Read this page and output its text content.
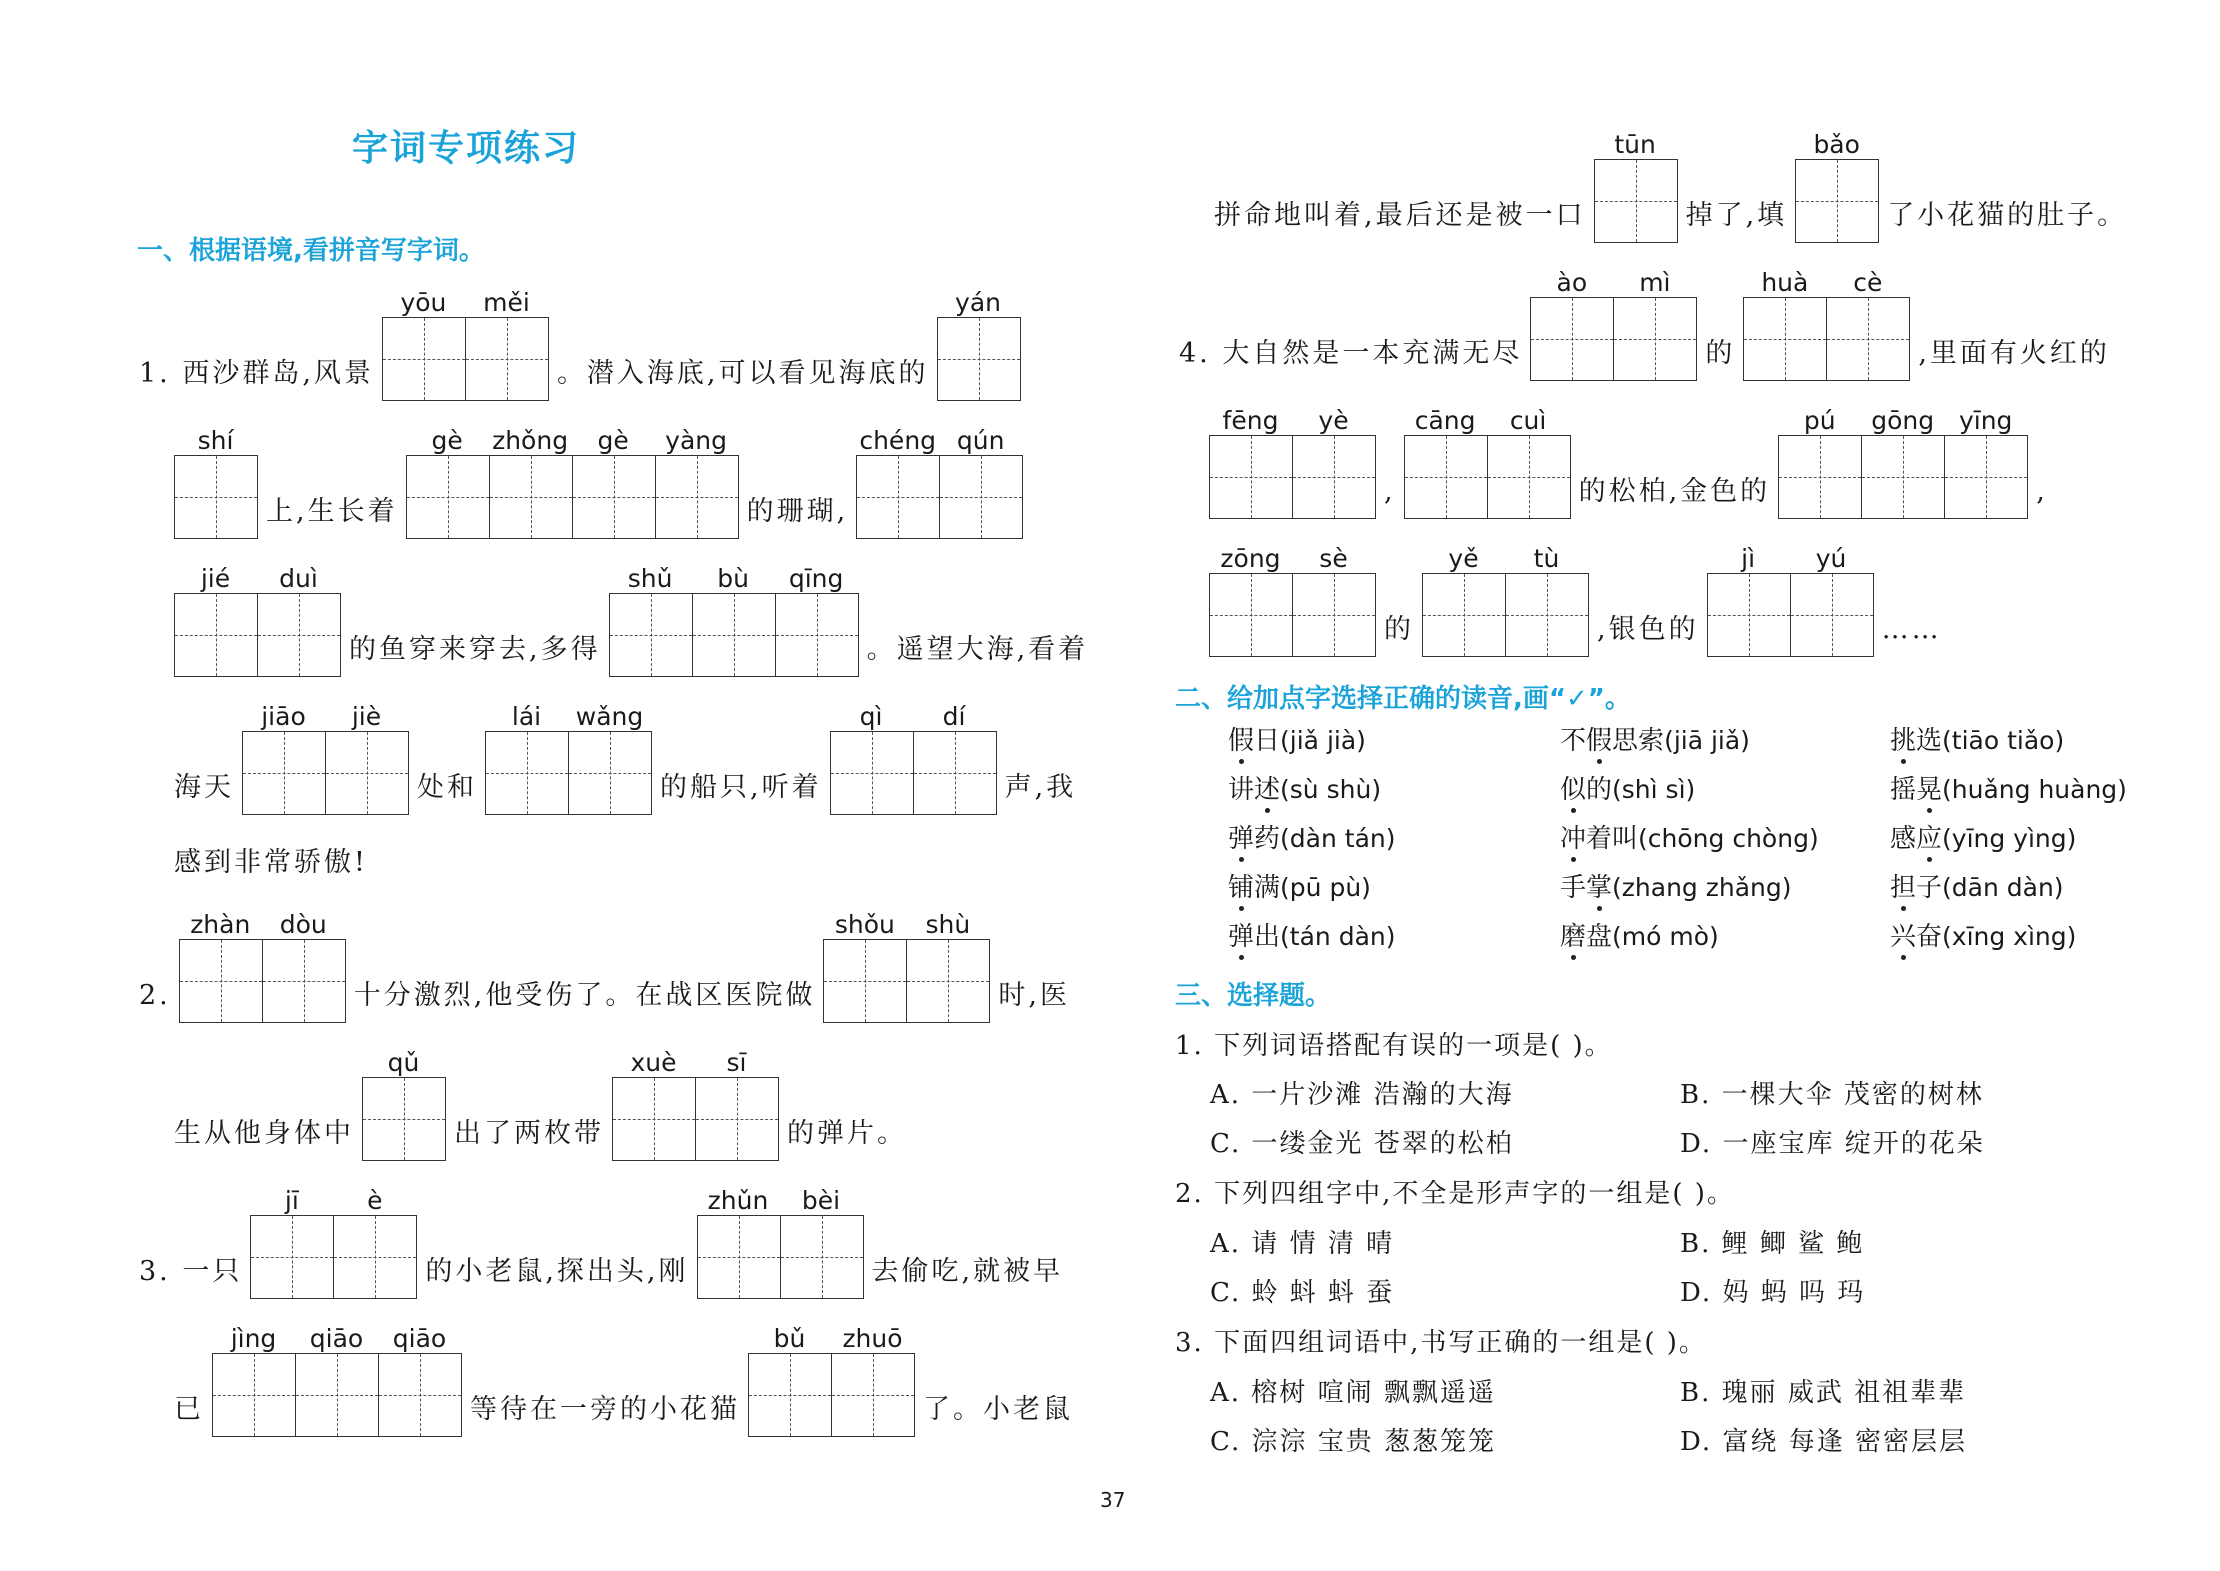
字词专项练习
一、根据语境,看拼音写字词。
1. 西沙群岛,风景
yōu	měi
。潜入海底,可以看见海底的
yán
shí
上,生长着
gè	zhǒng	gè	yàng
的珊瑚,
chéng qún
jié	duì
的鱼穿来穿去,多得
shǔ	bù	qīng
。遥望大海,看着
海天
jiāo	jiè
处和
lái	wǎng
的船只,听着
qì	dí
声,我
感到非常骄傲!
2.
zhàn	dòu
十分激烈,他受伤了。在战区医院做
shǒu	shù
时,医
生从他身体中
qǔ
出了两枚带
xuè	sī
的弹片。
3. 一只
jī	è
的小老鼠,探出头,刚
zhǔn	bèi
去偷吃,就被早
已
jìng	qiāo	qiāo
等待在一旁的小花猫
bǔ	zhuō
了。小老鼠
拼命地叫着,最后还是被一口
tūn
掉了,填
bǎo
了小花猫的肚子。
4. 大自然是一本充满无尽
ào	mì
的
huà	cè
,里面有火红的
fēng	yè
,
cāng	cuì
的松柏,金色的
pú	gōng yīng
,
zōng	sè
的
yě	tù
,银色的
jì	yú
……
二、给加点字选择正确的读音,画“✓”。
假日(jiǎ jià)	不假思索(jiā jiǎ)	挑选(tiāo tiǎo)
讲述(sù shù)	似的(shì sì)	摇晃(huǎng huàng)
弹药(dàn tán)	冲着叫(chōng chòng)	感应(yīng yìng)
铺满(pū pù)	手掌(zhang zhǎng)	担子(dān dàn)
弹出(tán dàn)	磨盘(mó mò)	兴奋(xīng xìng)
三、选择题。
1. 下列词语搭配有误的一项是( )。
A. 一片沙滩 浩瀚的大海	B. 一棵大伞 茂密的树林
C. 一缕金光 苍翠的松柏	D. 一座宝库 绽开的花朵
2. 下列四组字中,不全是形声字的一组是( )。
A. 请 情 清 晴	B. 鲤 鲫 鲨 鲍
C. 蛉 蚪 蚪 蚕	D. 妈 蚂 吗 玛
3. 下面四组词语中,书写正确的一组是( )。
A. 榕树 喧闹 飘飘遥遥	B. 瑰丽 威武 祖祖辈辈
C. 淙淙 宝贵 葱葱笼笼	D. 富绕 每逢 密密层层
37
